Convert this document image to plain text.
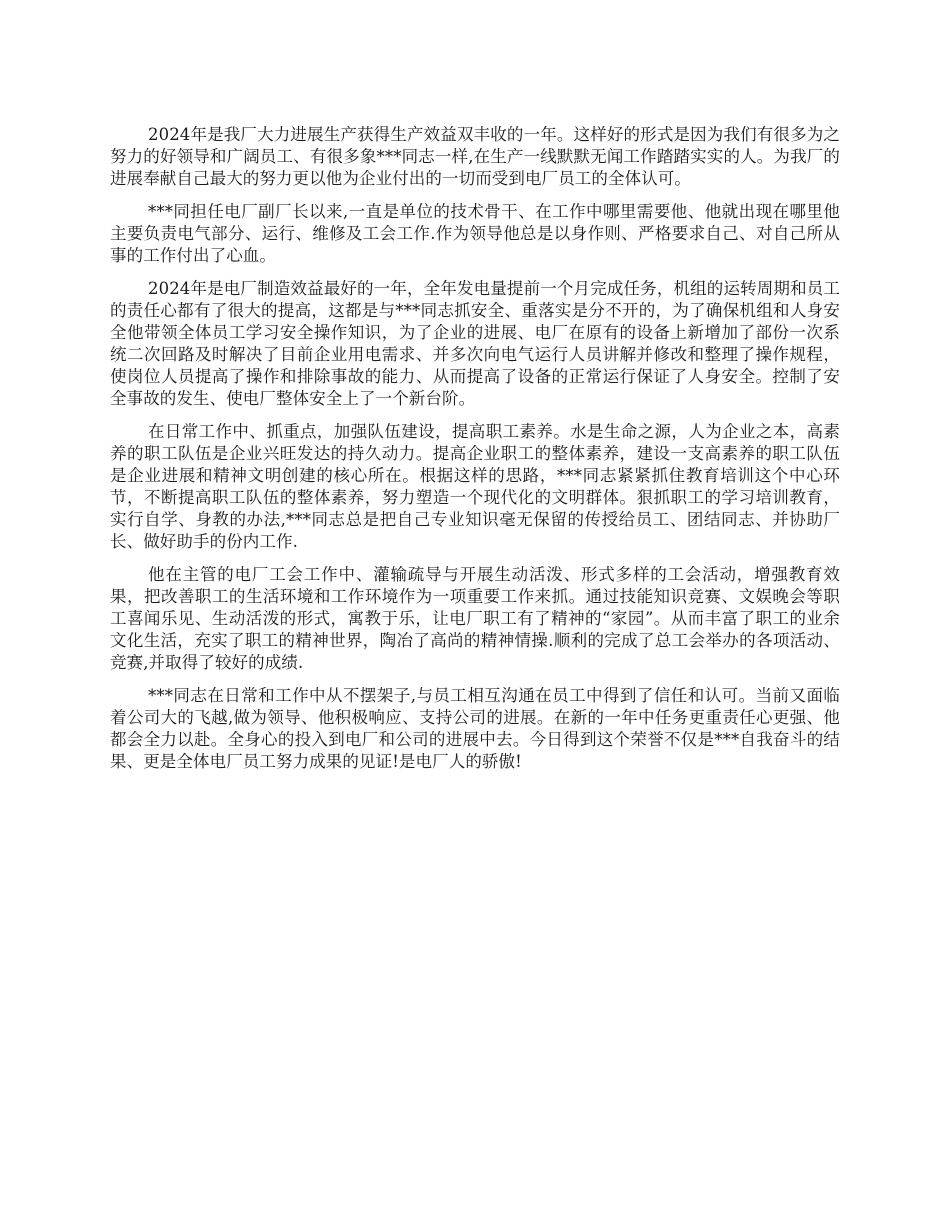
2024年是我厂大力进展生产获得生产效益双丰收的一年。这样好的形式是因为我们有很多为之努力的好领导和广阔员工、有很多象***同志一样,在生产一线默默无闻工作踏踏实实的人。为我厂的进展奉献自己最大的努力更以他为企业付出的一切而受到电厂员工的全体认可。

***同担任电厂副厂长以来,一直是单位的技术骨干、在工作中哪里需要他、他就出现在哪里他主要负责电气部分、运行、维修及工会工作.作为领导他总是以身作则、严格要求自己、对自己所从事的工作付出了心血。

2024年是电厂制造效益最好的一年，全年发电量提前一个月完成任务，机组的运转周期和员工的责任心都有了很大的提高，这都是与***同志抓安全、重落实是分不开的，为了确保机组和人身安全他带领全体员工学习安全操作知识，为了企业的进展、电厂在原有的设备上新增加了部份一次系统二次回路及时解决了目前企业用电需求、并多次向电气运行人员讲解并修改和整理了操作规程，使岗位人员提高了操作和排除事故的能力、从而提高了设备的正常运行保证了人身安全。控制了安全事故的发生、使电厂整体安全上了一个新台阶。

在日常工作中、抓重点，加强队伍建设，提高职工素养。水是生命之源，人为企业之本，高素养的职工队伍是企业兴旺发达的持久动力。提高企业职工的整体素养，建设一支高素养的职工队伍是企业进展和精神文明创建的核心所在。根据这样的思路，***同志紧紧抓住教育培训这个中心环节，不断提高职工队伍的整体素养，努力塑造一个现代化的文明群体。狠抓职工的学习培训教育，实行自学、身教的办法,***同志总是把自己专业知识毫无保留的传授给员工、团结同志、并协助厂长、做好助手的份内工作.

他在主管的电厂工会工作中、灌输疏导与开展生动活泼、形式多样的工会活动，增强教育效果，把改善职工的生活环境和工作环境作为一项重要工作来抓。通过技能知识竞赛、文娱晚会等职工喜闻乐见、生动活泼的形式，寓教于乐，让电厂职工有了精神的“家园”。从而丰富了职工的业余文化生活，充实了职工的精神世界，陶冶了高尚的精神情操.顺利的完成了总工会举办的各项活动、竞赛,并取得了较好的成绩.

***同志在日常和工作中从不摆架子,与员工相互沟通在员工中得到了信任和认可。当前又面临着公司大的飞越,做为领导、他积极响应、支持公司的进展。在新的一年中任务更重责任心更强、他都会全力以赴。全身心的投入到电厂和公司的进展中去。今日得到这个荣誉不仅是***自我奋斗的结果、更是全体电厂员工努力成果的见证!是电厂人的骄傲!
